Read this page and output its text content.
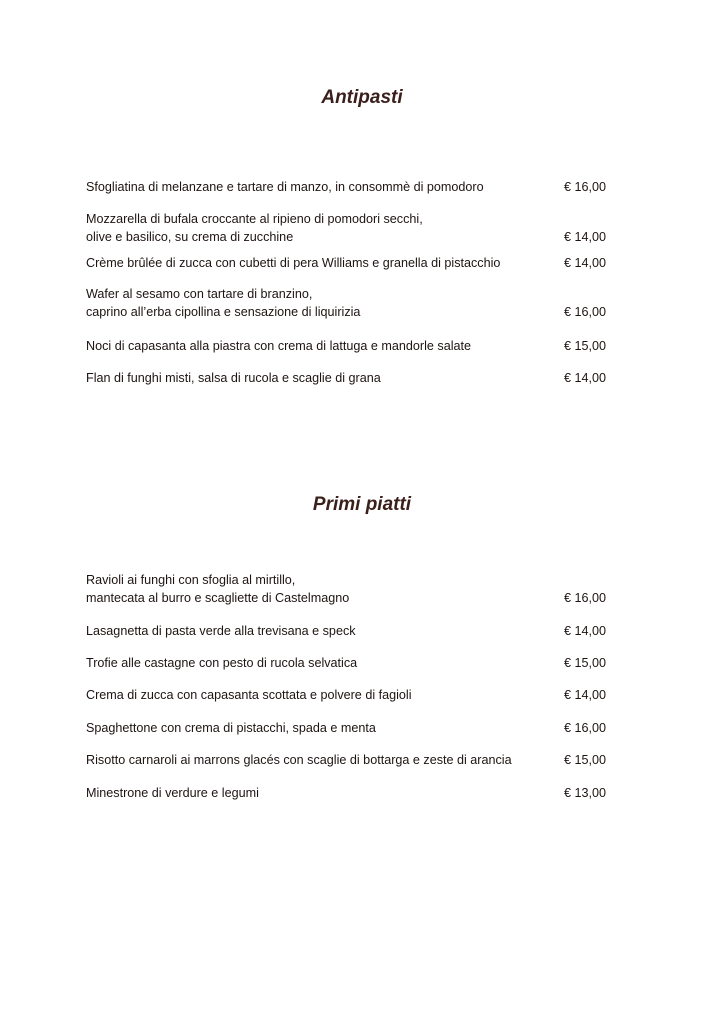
Antipasti
Sfogliatina di melanzane e tartare di manzo, in consommè di pomodoro	€ 16,00
Mozzarella di bufala croccante al ripieno di pomodori secchi,
olive e basilico, su crema di zucchine	€ 14,00
Crème brûlée di zucca con cubetti di pera Williams e granella di pistacchio	€ 14,00
Wafer al sesamo con tartare di branzino,
caprino all’erba cipollina e sensazione di liquirizia	€ 16,00
Noci di capasanta alla piastra con crema di lattuga e mandorle salate	€ 15,00
Flan di funghi misti, salsa di rucola e scaglie di grana	€ 14,00
Primi piatti
Ravioli ai funghi con sfoglia al mirtillo,
mantecata al burro e scagliette di Castelmagno	€ 16,00
Lasagnetta di pasta verde alla trevisana e speck	€ 14,00
Trofie alle castagne con pesto di rucola selvatica	€ 15,00
Crema di zucca con capasanta scottata e polvere di fagioli	€ 14,00
Spaghettone con crema di pistacchi, spada e menta	€ 16,00
Risotto carnaroli ai marrons glacés con scaglie di bottarga e zeste di arancia	€ 15,00
Minestrone di verdure e legumi	€ 13,00
